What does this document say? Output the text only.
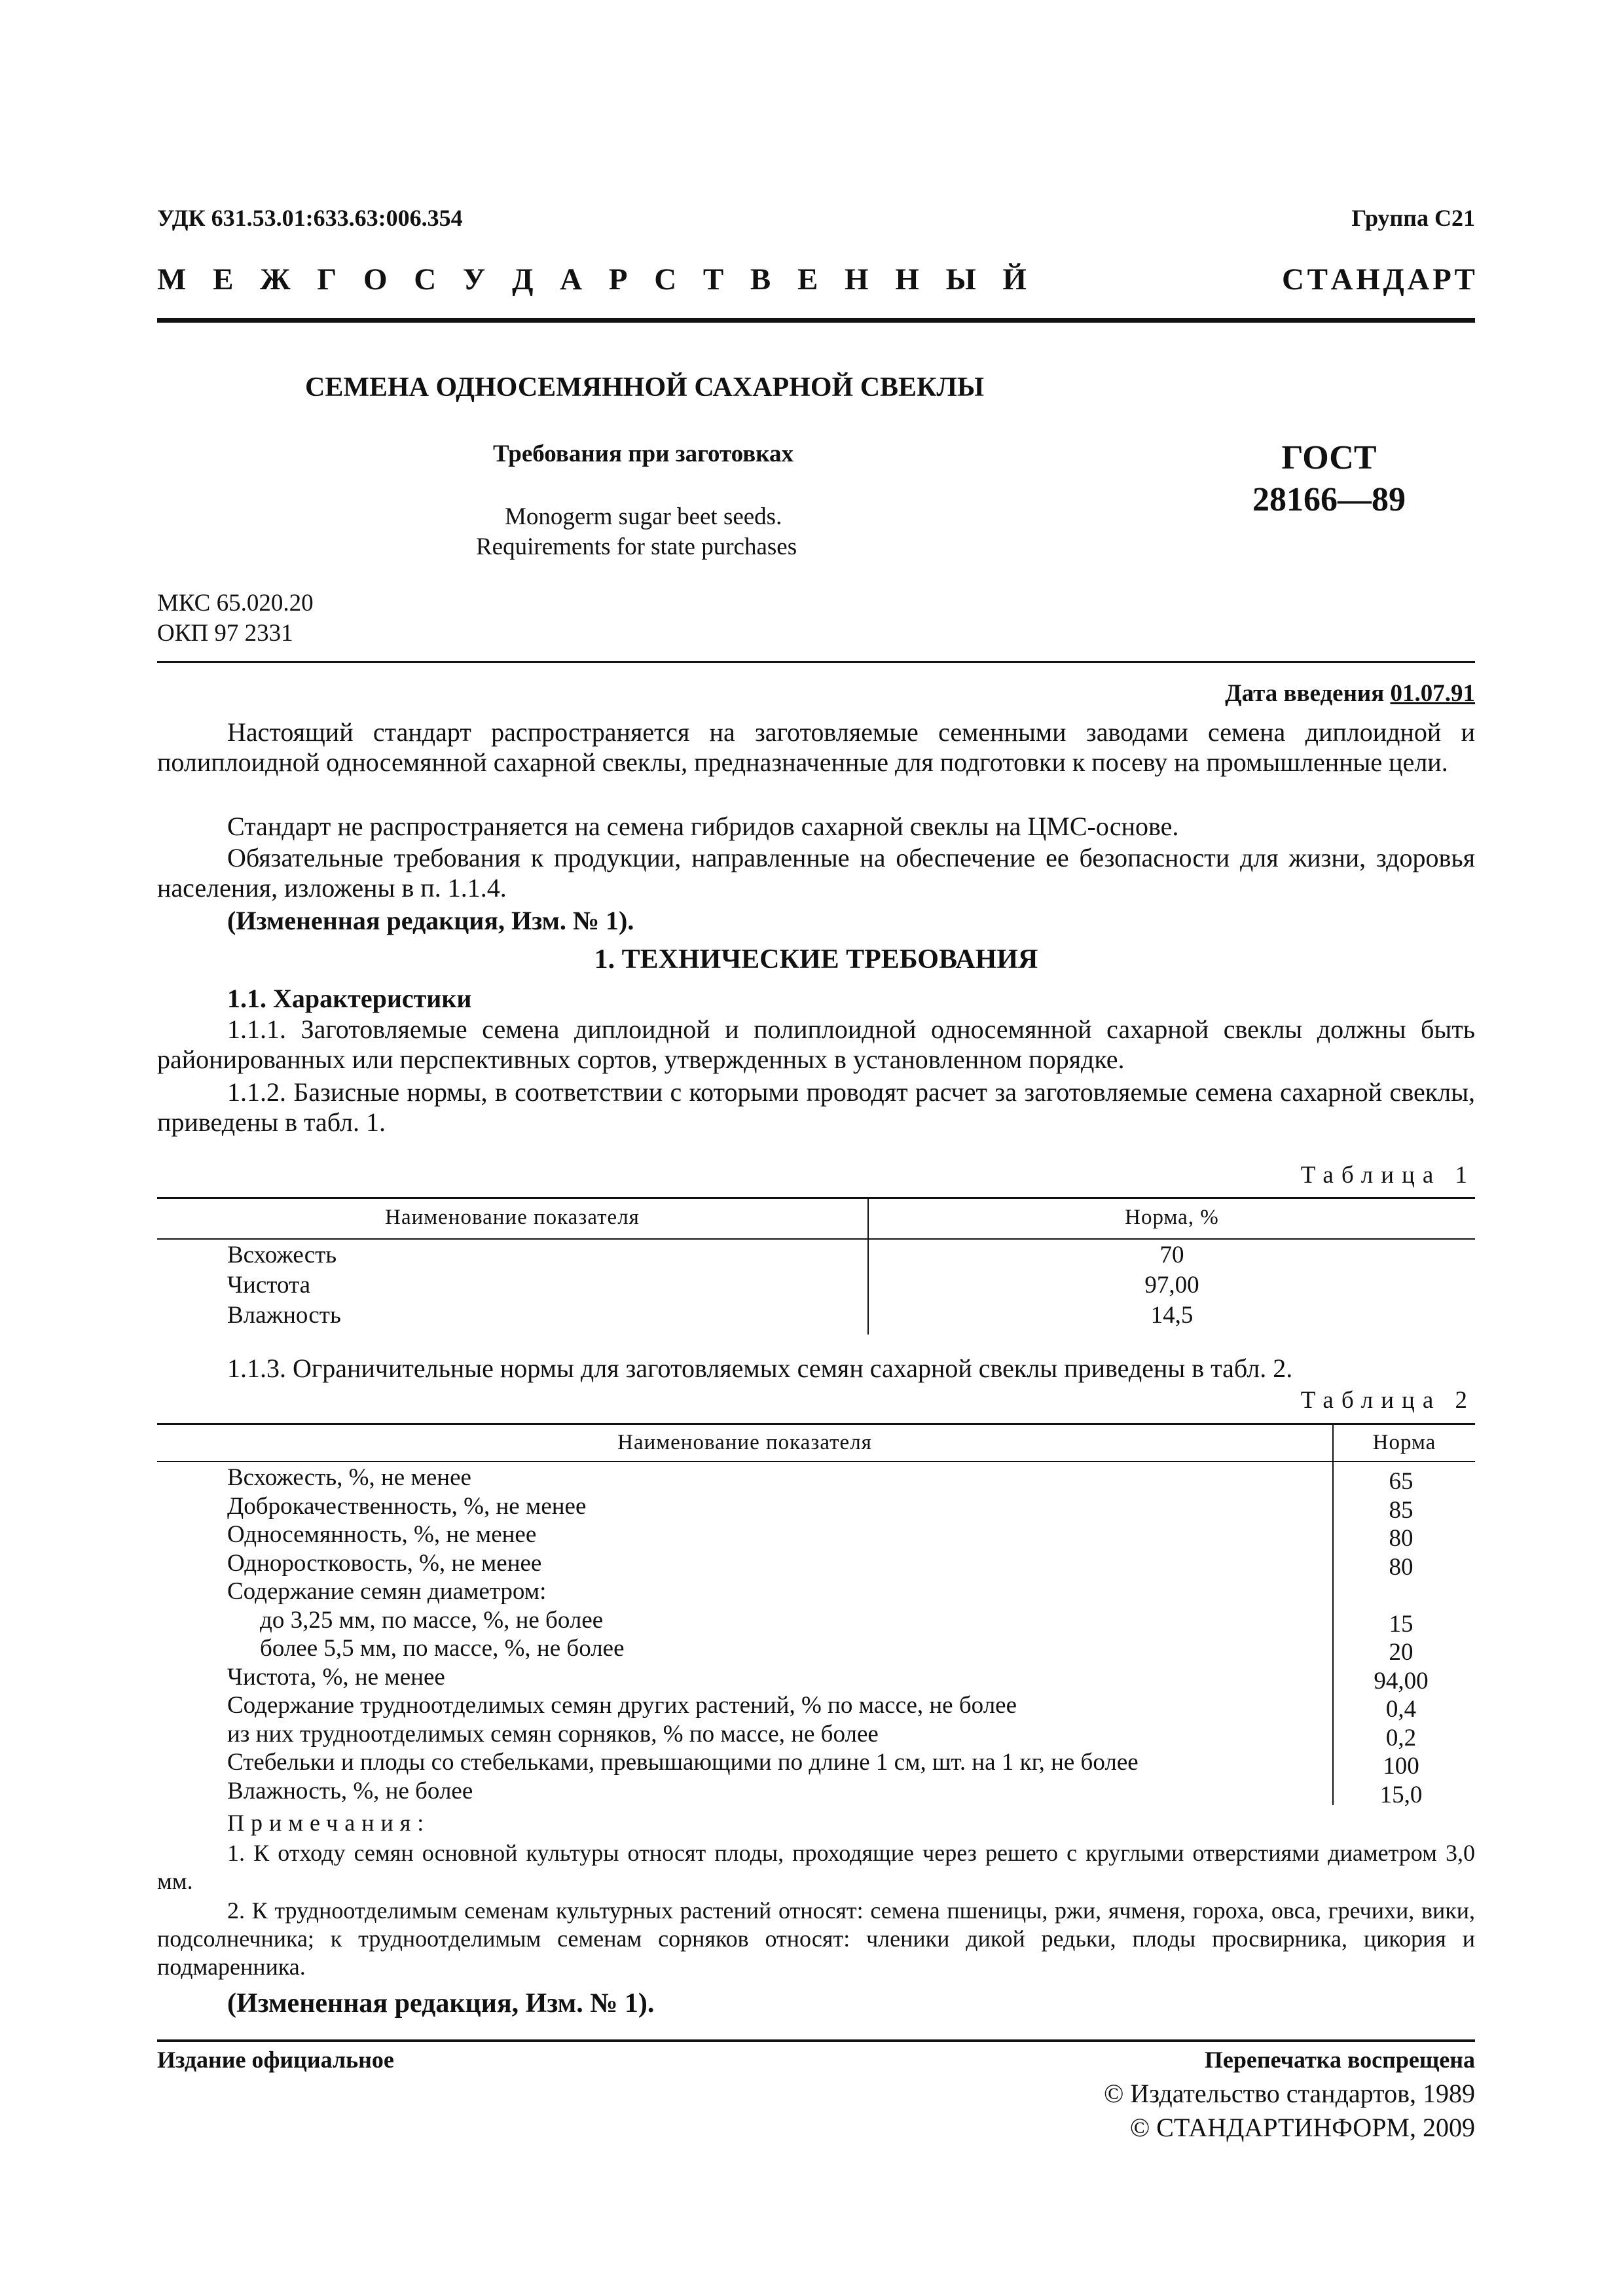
УДК 631.53.01:633.63:006.354	Группа С21
М Е Ж Г О С У Д А Р С Т В Е Н Н Ы Й	С Т А Н Д А Р Т
СЕМЕНА ОДНОСЕМЯННОЙ САХАРНОЙ СВЕКЛЫ
Требования при заготовках
Monogerm sugar beet seeds.
Requirements for state purchases
ГОСТ
28166—89
МКС 65.020.20
ОКП 97 2331
Дата введения 01.07.91
Настоящий стандарт распространяется на заготовляемые семенными заводами семена диплоидной и полиплоидной односемянной сахарной свеклы, предназначенные для подготовки к посеву на промышленные цели.
Стандарт не распространяется на семена гибридов сахарной свеклы на ЦМС-основе.
Обязательные требования к продукции, направленные на обеспечение ее безопасности для жизни, здоровья населения, изложены в п. 1.1.4.
(Измененная редакция, Изм. № 1).
1. ТЕХНИЧЕСКИЕ ТРЕБОВАНИЯ
1.1. Характеристики
1.1.1. Заготовляемые семена диплоидной и полиплоидной односемянной сахарной свеклы должны быть районированных или перспективных сортов, утвержденных в установленном порядке.
1.1.2. Базисные нормы, в соответствии с которыми проводят расчет за заготовляемые семена сахарной свеклы, приведены в табл. 1.
Таблица 1
Наименование показателя	Норма, %
Всхожесть	70
Чистота	97,00
Влажность	14,5
1.1.3. Ограничительные нормы для заготовляемых семян сахарной свеклы приведены в табл. 2.
Таблица 2
Наименование показателя	Норма
Всхожесть, %, не менее	65
Доброкачественность, %, не менее	85
Односемянность, %, не менее	80
Одноростковость, %, не менее	80
Содержание семян диаметром:
до 3,25 мм, по массе, %, не более	15
более 5,5 мм, по массе, %, не более	20
Чистота, %, не менее	94,00
Содержание трудноотделимых семян других растений, % по массе, не более	0,4
из них трудноотделимых семян сорняков, % по массе, не более	0,2
Стебельки и плоды со стебельками, превышающими по длине 1 см, шт. на 1 кг, не более	100
Влажность, %, не более	15,0
Примечания:
1. К отходу семян основной культуры относят плоды, проходящие через решето с круглыми отверстиями диаметром 3,0 мм.
2. К трудноотделимым семенам культурных растений относят: семена пшеницы, ржи, ячменя, гороха, овса, гречихи, вики, подсолнечника; к трудноотделимым семенам сорняков относят: членики дикой редьки, плоды просвирника, цикория и подмаренника.
(Измененная редакция, Изм. № 1).
Издание официальное	Перепечатка воспрещена
© Издательство стандартов, 1989
© СТАНДАРТИНФОРМ, 2009
